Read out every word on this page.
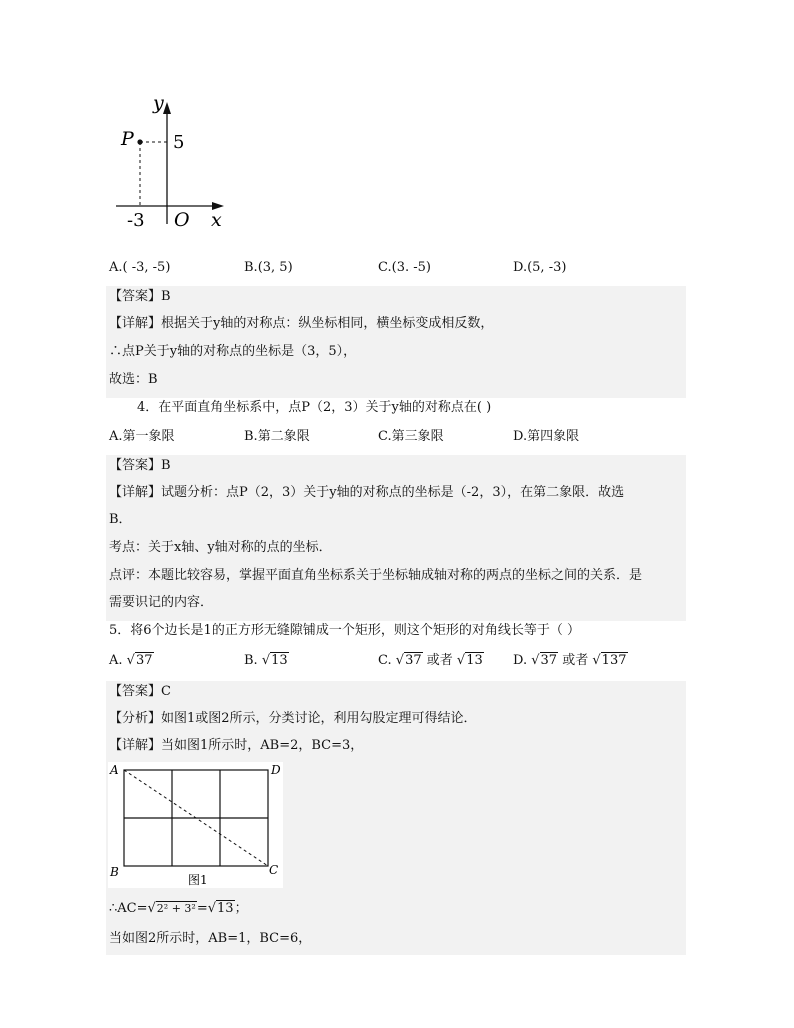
y
x
O
P 5
-3
A.( -3, -5)	B.(3, 5)	C.(3. -5)	D.(5, -3)
【答案】B
【详解】根据关于y轴的对称点：纵坐标相同，横坐标变成相反数，
∴点P关于y轴的对称点的坐标是（3，5），
故选：B
4．在平面直角坐标系中，点P（2，3）关于y轴的对称点在( )
A.第一象限	B.第二象限	C.第三象限	D.第四象限
【答案】B
【详解】试题分析：点P（2，3）关于y轴的对称点的坐标是（-2，3），在第二象限．故选
B．
考点：关于x轴、y轴对称的点的坐标．
点评：本题比较容易，掌握平面直角坐标系关于坐标轴成轴对称的两点的坐标之间的关系．是
需要识记的内容．
5．将6个边长是1的正方形无缝隙铺成一个矩形，则这个矩形的对角线长等于（ ）
A. √37	B. √13	C. √37 或者 √13 D. √37 或者 √137
【答案】C
【分析】如图1或图2所示，分类讨论，利用勾股定理可得结论．
【详解】当如图1所示时，AB=2，BC=3，
A	D
B	C
图1
∴AC=√2² + 3²=√13；
当如图2所示时，AB=1，BC=6，
